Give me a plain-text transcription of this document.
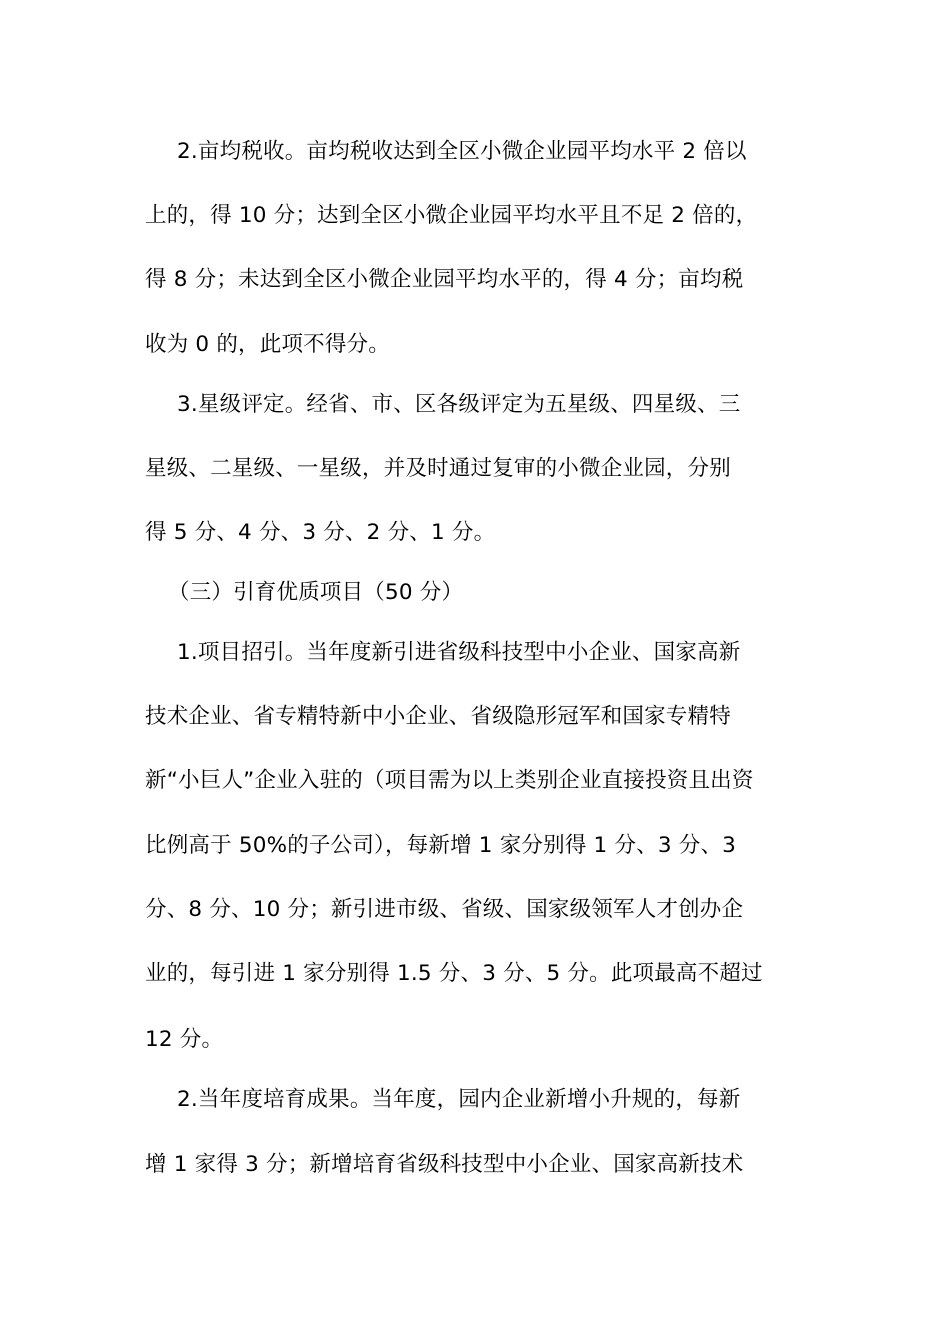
2.亩均税收。亩均税收达到全区小微企业园平均水平 2 倍以
上的，得 10 分；达到全区小微企业园平均水平且不足 2 倍的，
得 8 分；未达到全区小微企业园平均水平的，得 4 分；亩均税
收为 0 的，此项不得分。
3.星级评定。经省、市、区各级评定为五星级、四星级、三
星级、二星级、一星级，并及时通过复审的小微企业园，分别
得 5 分、4 分、3 分、2 分、1 分。
（三）引育优质项目（50 分）
1.项目招引。当年度新引进省级科技型中小企业、国家高新
技术企业、省专精特新中小企业、省级隐形冠军和国家专精特
新“小巨人”企业入驻的（项目需为以上类别企业直接投资且出资
比例高于 50%的子公司），每新增 1 家分别得 1 分、3 分、3
分、8 分、10 分；新引进市级、省级、国家级领军人才创办企
业的，每引进 1 家分别得 1.5 分、3 分、5 分。此项最高不超过
12 分。
2.当年度培育成果。当年度，园内企业新增小升规的，每新
增 1 家得 3 分；新增培育省级科技型中小企业、国家高新技术
